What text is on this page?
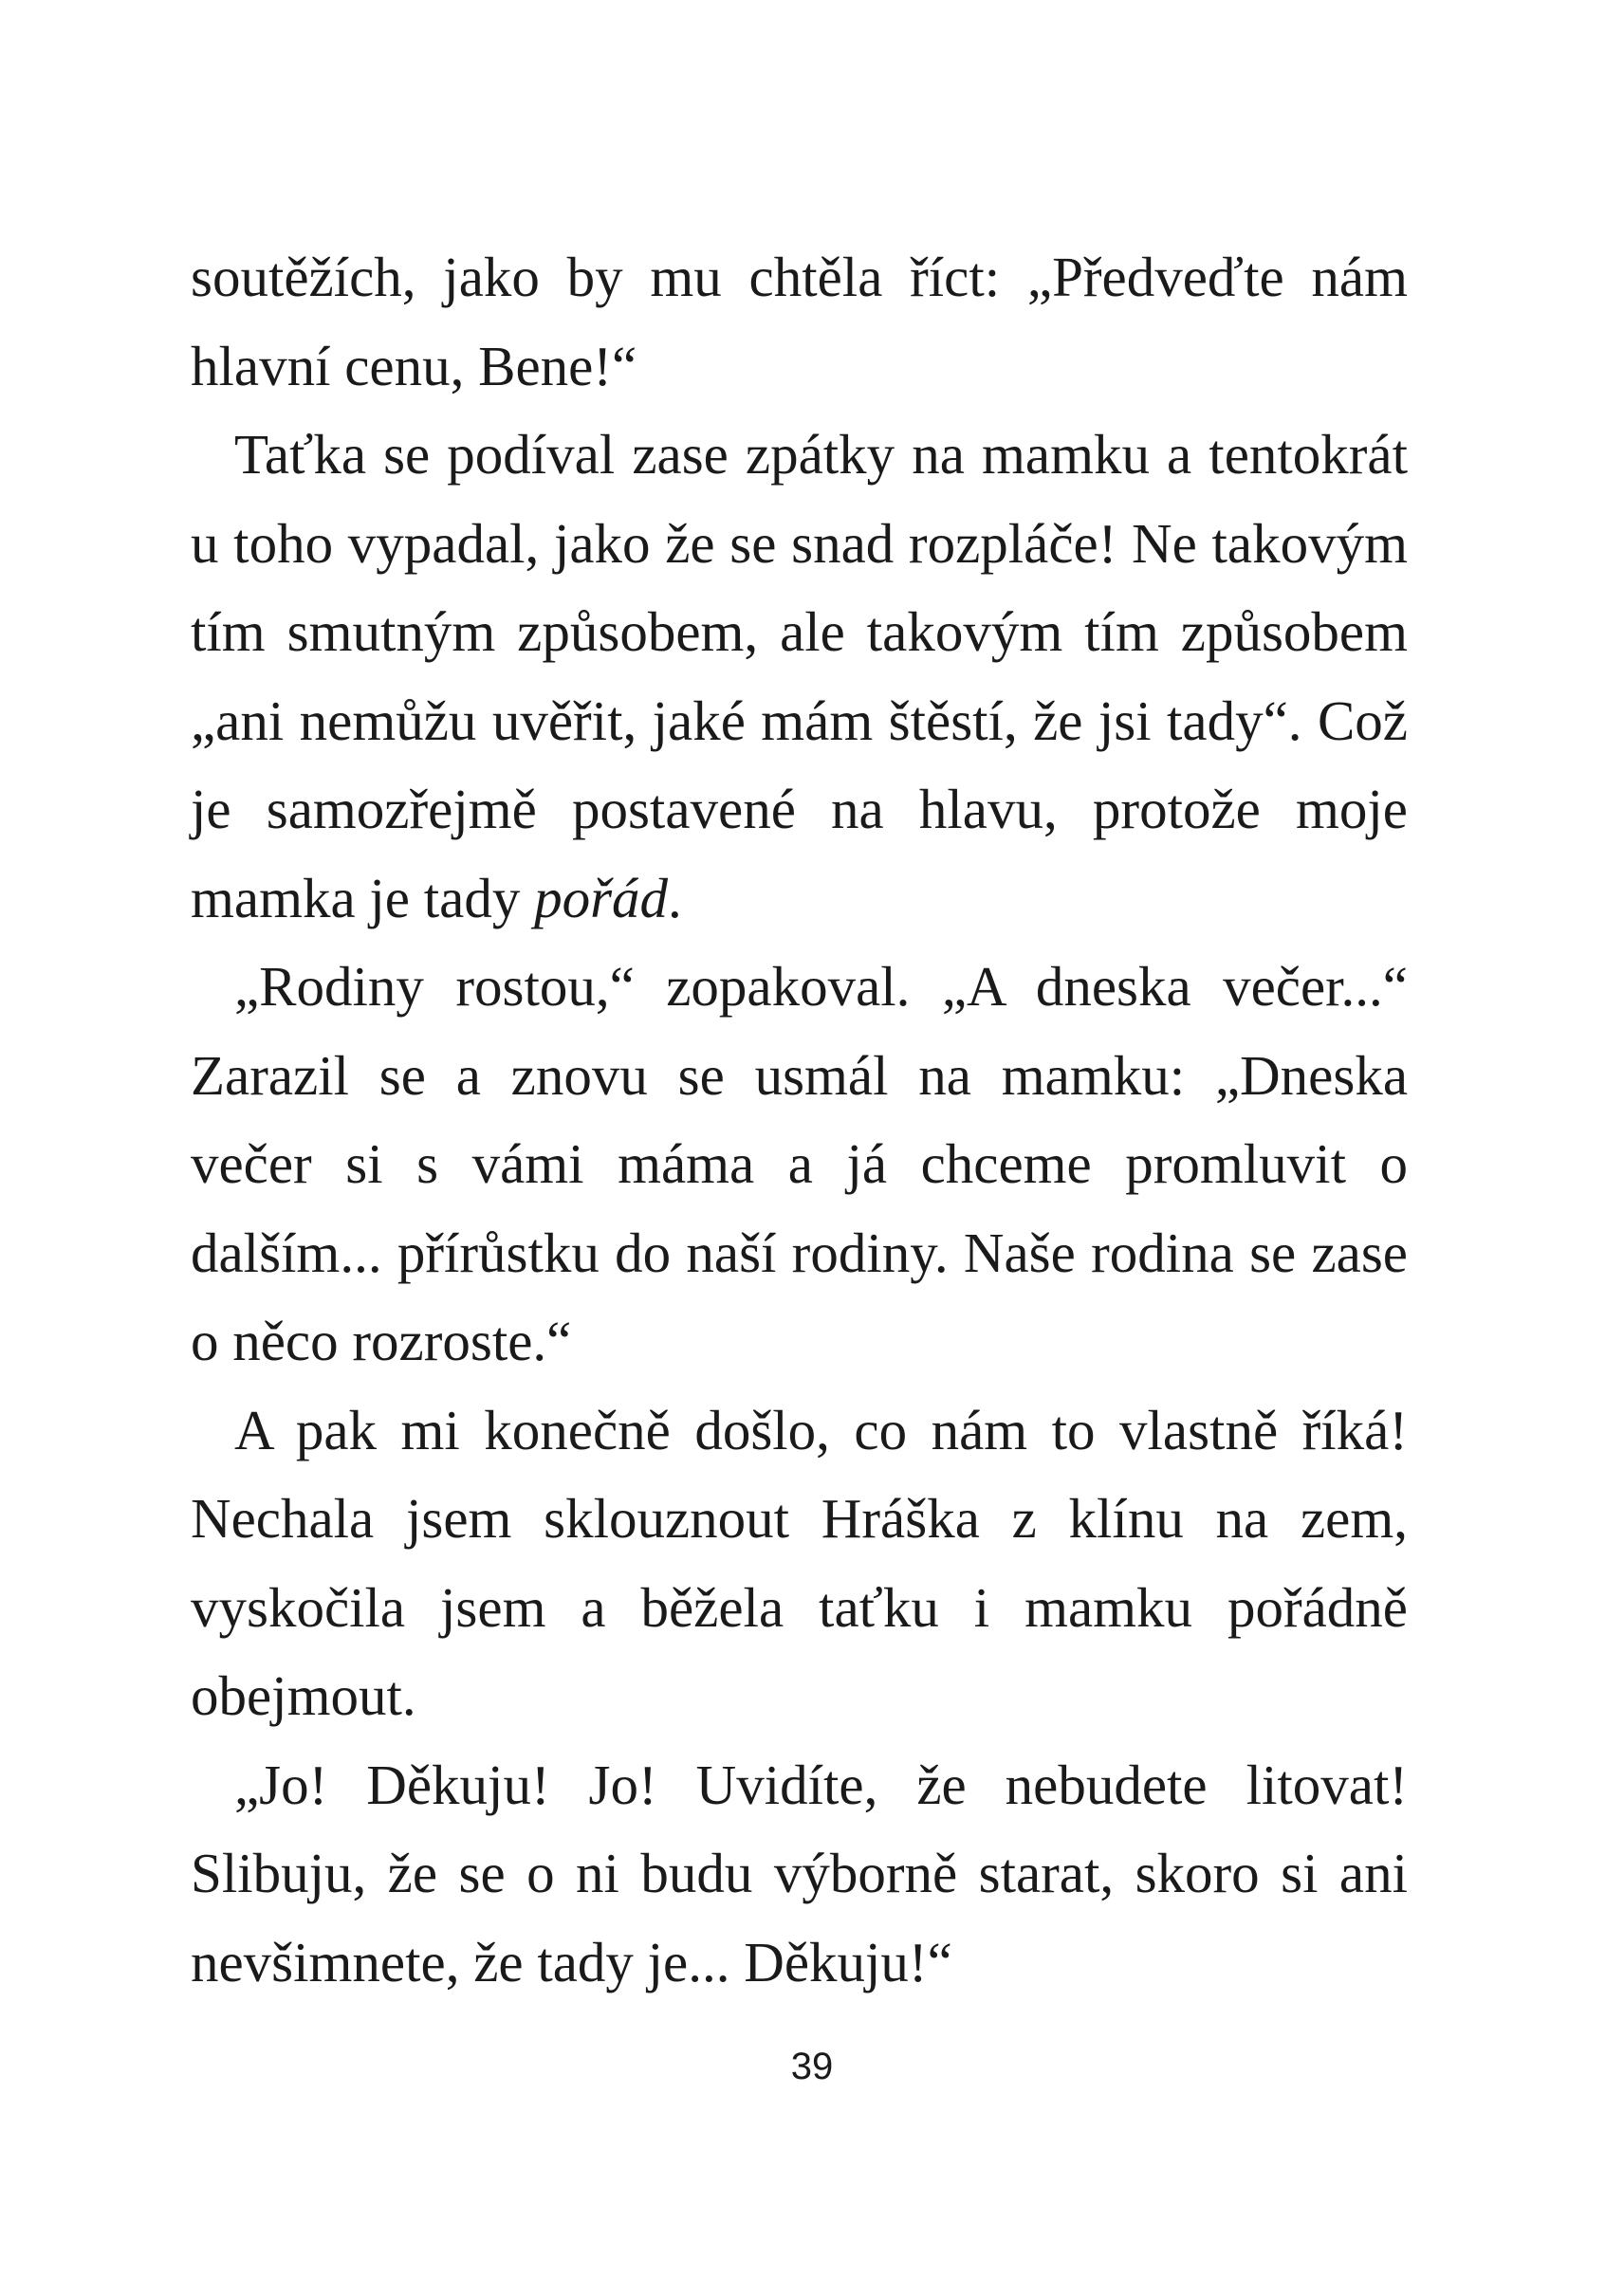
soutěžích, jako by mu chtěla říct: „Předveďte nám hlavní cenu, Bene!“

Taťka se podíval zase zpátky na mamku a tentokrát u toho vypadal, jako že se snad rozpláče! Ne takovým tím smutným způsobem, ale takovým tím způsobem „ani nemůžu uvěřit, jaké mám štěstí, že jsi tady“. Což je samozřejmě postavené na hlavu, protože moje mamka je tady pořád.

„Rodiny rostou,“ zopakoval. „A dneska večer...“ Zarazil se a znovu se usmál na mamku: „Dneska večer si s vámi máma a já chceme promluvit o dalším... přírůstku do naší rodiny. Naše rodina se zase o něco rozroste.“

A pak mi konečně došlo, co nám to vlastně říká! Nechala jsem sklouznout Hráška z klínu na zem, vyskočila jsem a běžela taťku i mamku pořádně obejmout.

„Jo! Děkuju! Jo! Uvidíte, že nebudete litovat! Slibuju, že se o ni budu výborně starat, skoro si ani nevšimnete, že tady je... Děkuju!“

39
